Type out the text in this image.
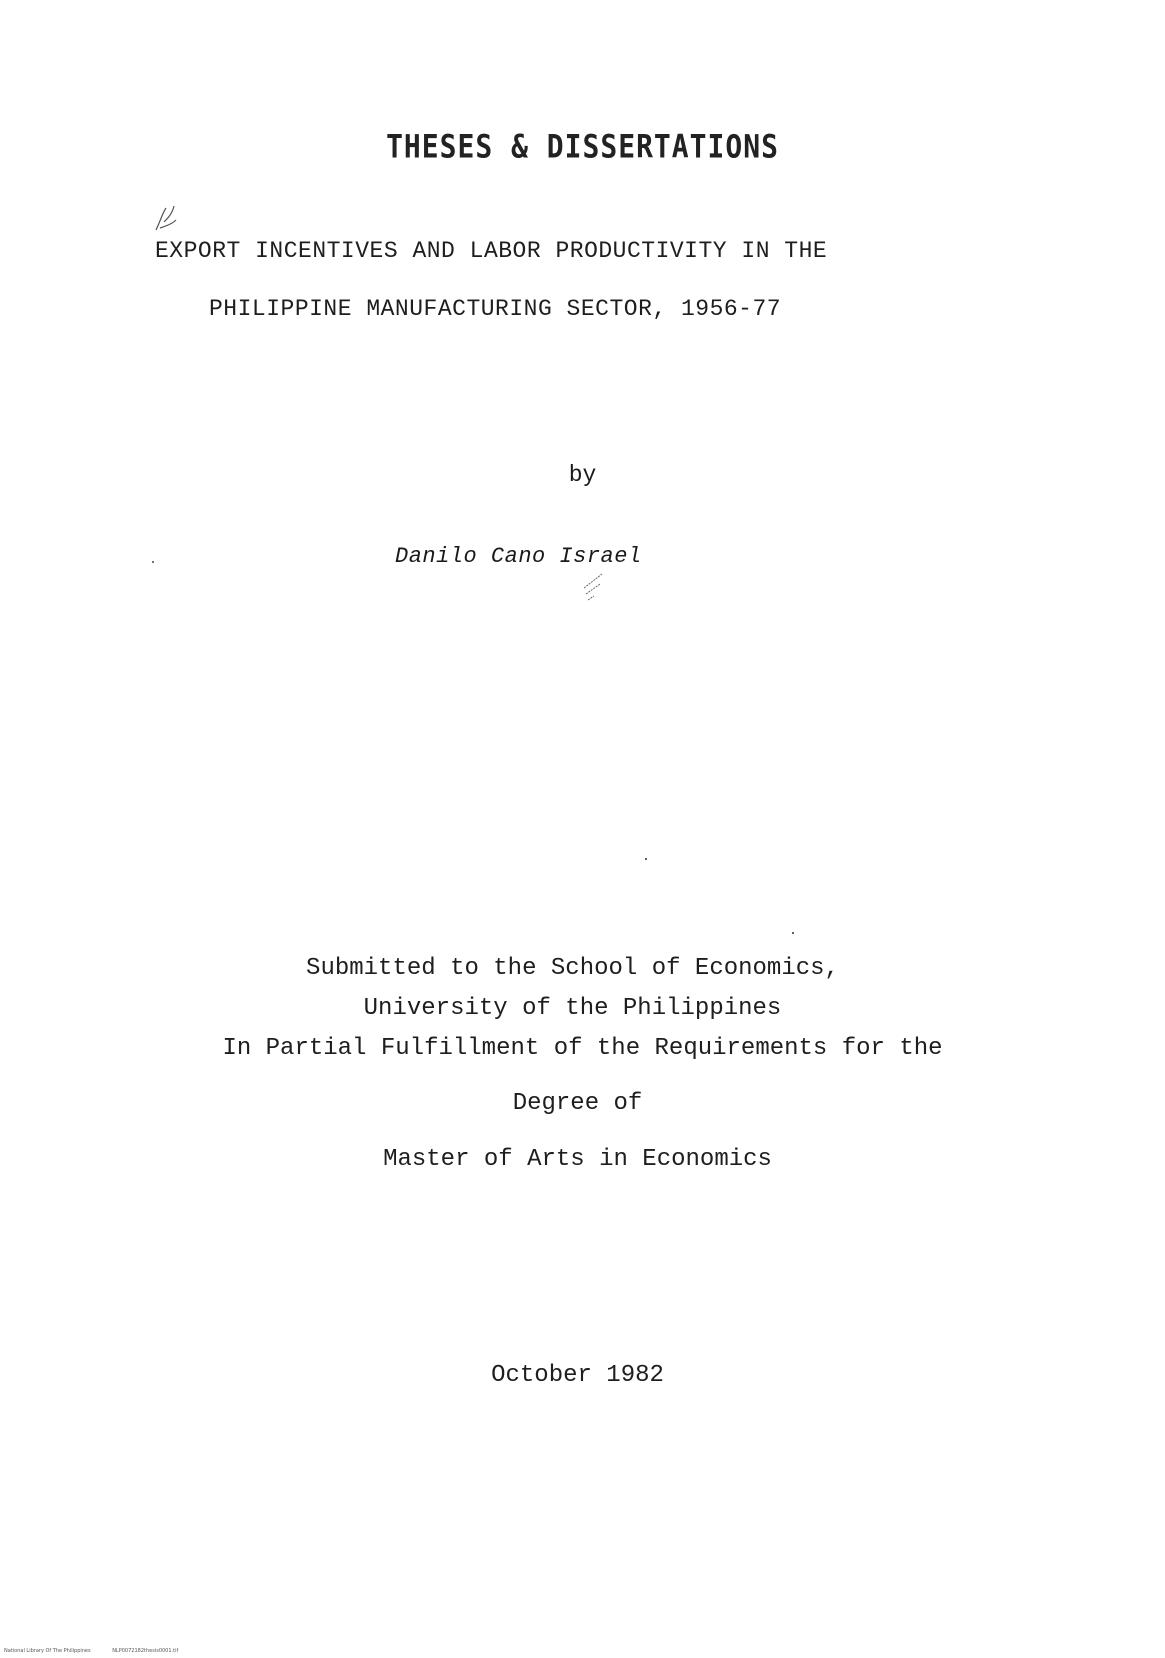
THESES & DISSERTATIONS
EXPORT INCENTIVES AND LABOR PRODUCTIVITY IN THE
PHILIPPINE MANUFACTURING SECTOR, 1956-77
by
Danilo Cano Israel
Submitted to the School of Economics,
University of the Philippines
In Partial Fulfillment of the Requirements for the
Degree of
Master of Arts in Economics
October 1982
National Library Of The Philippines	NLP0072182thesis0001.tif
